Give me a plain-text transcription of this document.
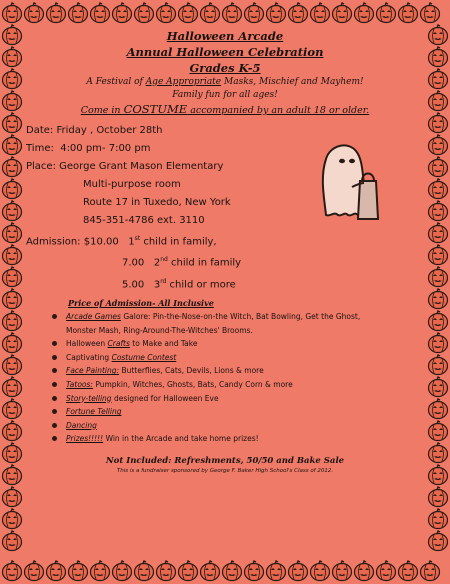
Halloween Arcade
Annual Halloween Celebration
Grades K-5
A Festival of Age Appropriate Masks, Mischief and Mayhem!
Family fun for all ages!
Come in COSTUME accompanied by an adult 18 or older.
Date: Friday , October 28th
Time: 4:00 pm- 7:00 pm
Place: George Grant Mason Elementary
Multi-purpose room
Route 17 in Tuxedo, New York
845-351-4786 ext. 3110
Admission: $10.00 1st child in family,
7.00 2nd child in family
5.00 3rd child or more
Price of Admission- All Inclusive
Arcade Games Galore: Pin-the-Nose-on-the Witch, Bat Bowling, Get the Ghost,
Monster Mash, Ring-Around-The-Witches' Brooms.
Halloween Crafts to Make and Take
Captivating Costume Contest
Face Painting: Butterflies, Cats, Devils, Lions & more
Tatoos: Pumpkin, Witches, Ghosts, Bats, Candy Corn & more
Story-telling designed for Halloween Eve
Fortune Telling
Dancing
Prizes!!!!! Win in the Arcade and take home prizes!
Not Included: Refreshments, 50/50 and Bake Sale
This is a fundraiser sponsored by George F. Baker High School's Class of 2012.
